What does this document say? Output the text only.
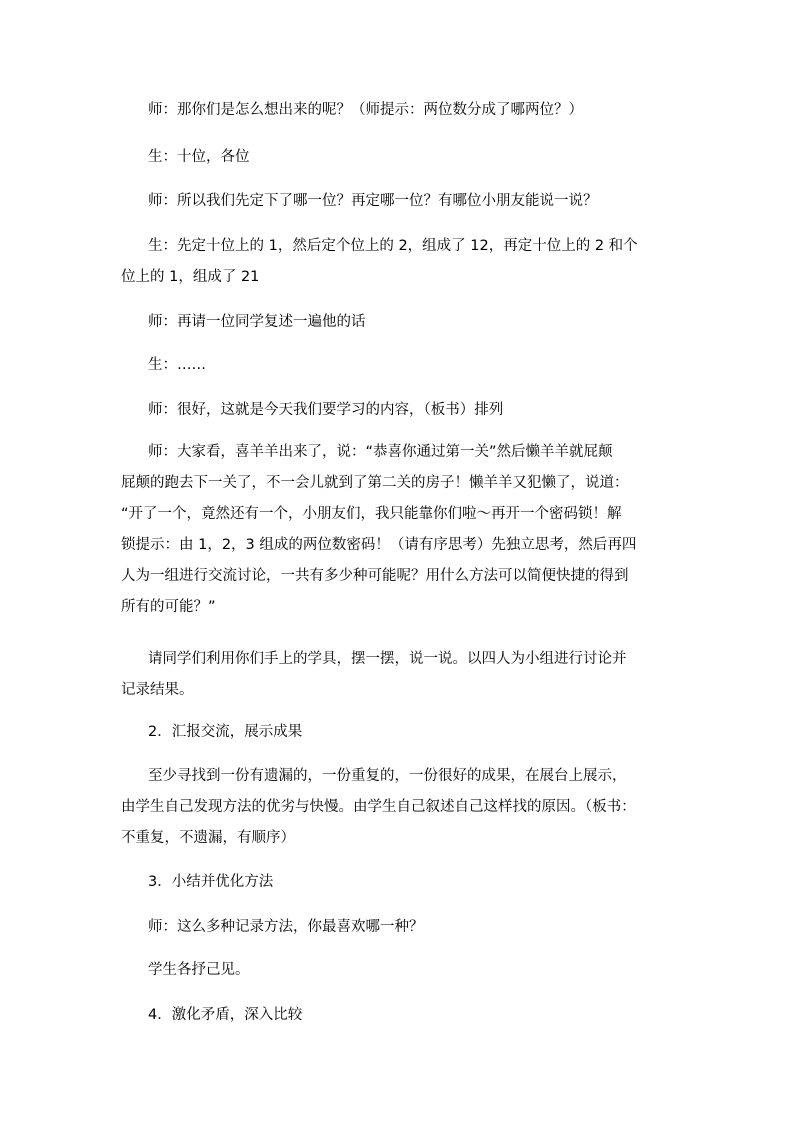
师：那你们是怎么想出来的呢？（师提示：两位数分成了哪两位？）

生：十位，各位

师：所以我们先定下了哪一位？再定哪一位？有哪位小朋友能说一说？

生：先定十位上的 1，然后定个位上的 2，组成了 12，再定十位上的 2 和个
位上的 1，组成了 21

师：再请一位同学复述一遍他的话

生：……

师：很好，这就是今天我们要学习的内容，（板书）排列

师：大家看，喜羊羊出来了，说：“恭喜你通过第一关”然后懒羊羊就屁颠
屁颠的跑去下一关了，不一会儿就到了第二关的房子！懒羊羊又犯懒了，说道：
“开了一个，竟然还有一个，小朋友们，我只能靠你们啦～再开一个密码锁！解
锁提示：由 1，2，3 组成的两位数密码！（请有序思考）先独立思考，然后再四
人为一组进行交流讨论，一共有多少种可能呢？用什么方法可以简便快捷的得到
所有的可能？”

请同学们利用你们手上的学具，摆一摆，说一说。以四人为小组进行讨论并
记录结果。

2．汇报交流，展示成果

至少寻找到一份有遗漏的，一份重复的，一份很好的成果，在展台上展示，
由学生自己发现方法的优劣与快慢。由学生自己叙述自己这样找的原因。（板书：
不重复，不遗漏，有顺序）

3．小结并优化方法

师：这么多种记录方法，你最喜欢哪一种？

学生各抒己见。

4．激化矛盾，深入比较
